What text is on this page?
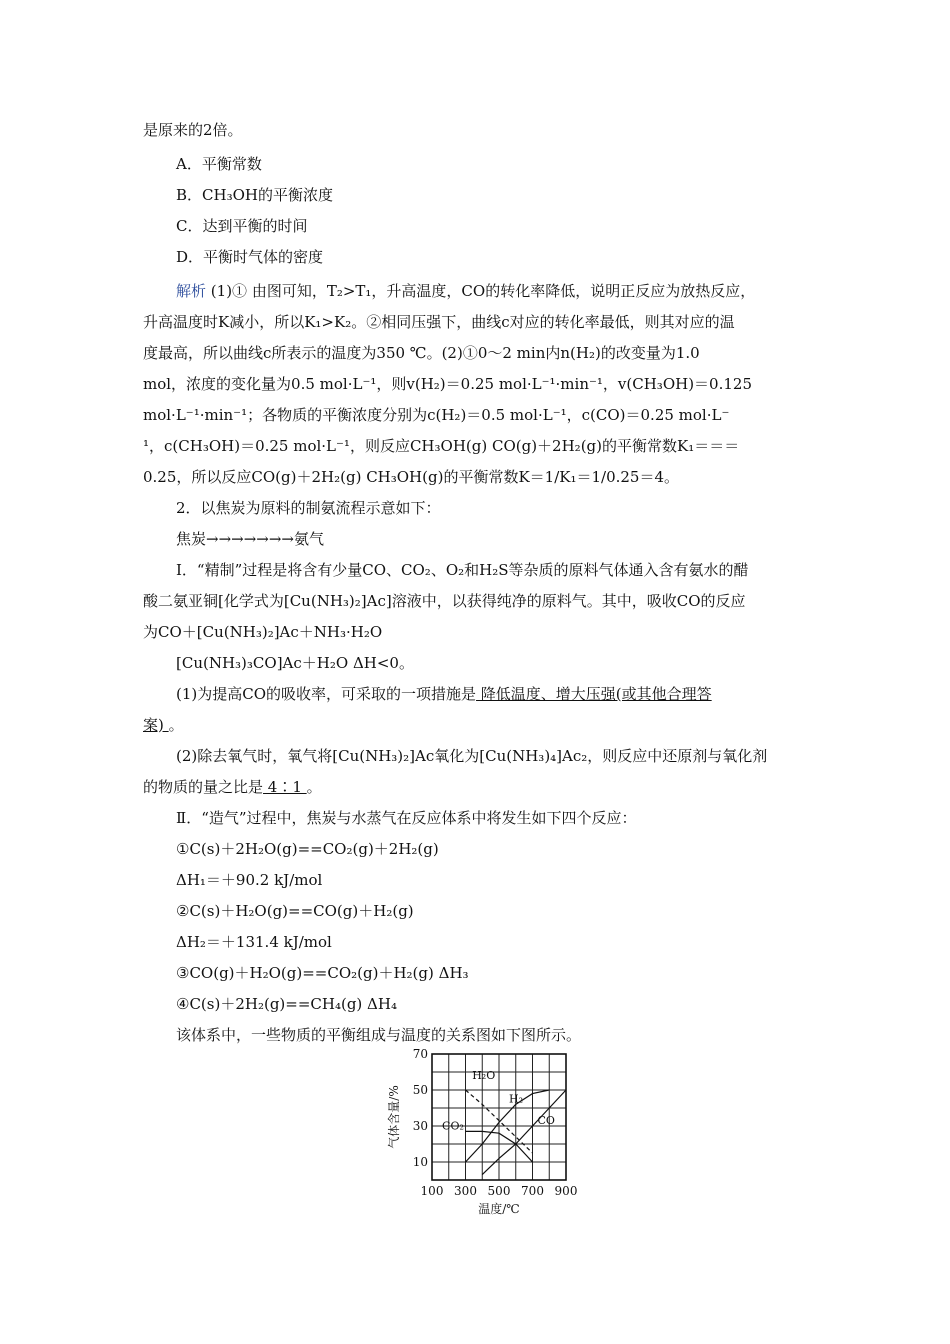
是原来的2倍。
A．平衡常数
B．CH₃OH的平衡浓度
C．达到平衡的时间
D．平衡时气体的密度
解析 (1)① 由图可知，T₂>T₁，升高温度，CO的转化率降低，说明正反应为放热反应，
升高温度时K减小，所以K₁>K₂。②相同压强下，曲线c对应的转化率最低，则其对应的温
度最高，所以曲线c所表示的温度为350 ℃。(2)①0～2 min内n(H₂)的改变量为1.0
mol，浓度的变化量为0.5 mol·L⁻¹，则v(H₂)＝0.25 mol·L⁻¹·min⁻¹，v(CH₃OH)＝0.125
mol·L⁻¹·min⁻¹；各物质的平衡浓度分别为c(H₂)＝0.5 mol·L⁻¹，c(CO)＝0.25 mol·L⁻
¹，c(CH₃OH)＝0.25 mol·L⁻¹，则反应CH₃OH(g) CO(g)＋2H₂(g)的平衡常数K₁＝＝＝
0.25，所以反应CO(g)＋2H₂(g) CH₃OH(g)的平衡常数K＝1/K₁＝1/0.25＝4。
2．以焦炭为原料的制氨流程示意如下：
焦炭→→→→→→→氨气
Ⅰ．“精制”过程是将含有少量CO、CO₂、O₂和H₂S等杂质的原料气体通入含有氨水的醋
酸二氨亚铜[化学式为[Cu(NH₃)₂]Ac]溶液中，以获得纯净的原料气。其中，吸收CO的反应
为CO＋[Cu(NH₃)₂]Ac＋NH₃·H₂O
[Cu(NH₃)₃CO]Ac＋H₂O ΔH<0。
(1)为提高CO的吸收率，可采取的一项措施是 降低温度、增大压强(或其他合理答
案) 。
(2)除去氧气时，氧气将[Cu(NH₃)₂]Ac氧化为[Cu(NH₃)₄]Ac₂，则反应中还原剂与氧化剂
的物质的量之比是 4∶1 。
Ⅱ．“造气”过程中，焦炭与水蒸气在反应体系中将发生如下四个反应：
①C(s)＋2H₂O(g)==CO₂(g)＋2H₂(g)
ΔH₁＝＋90.2 kJ/mol
②C(s)＋H₂O(g)==CO(g)＋H₂(g)
ΔH₂＝＋131.4 kJ/mol
③CO(g)＋H₂O(g)==CO₂(g)＋H₂(g) ΔH₃
④C(s)＋2H₂(g)==CH₄(g) ΔH₄
该体系中，一些物质的平衡组成与温度的关系图如下图所示。
100 300 500 700 900
10
30
50
70
温度/℃
气体含量/%
H₂O
H₂
CO
CO₂
